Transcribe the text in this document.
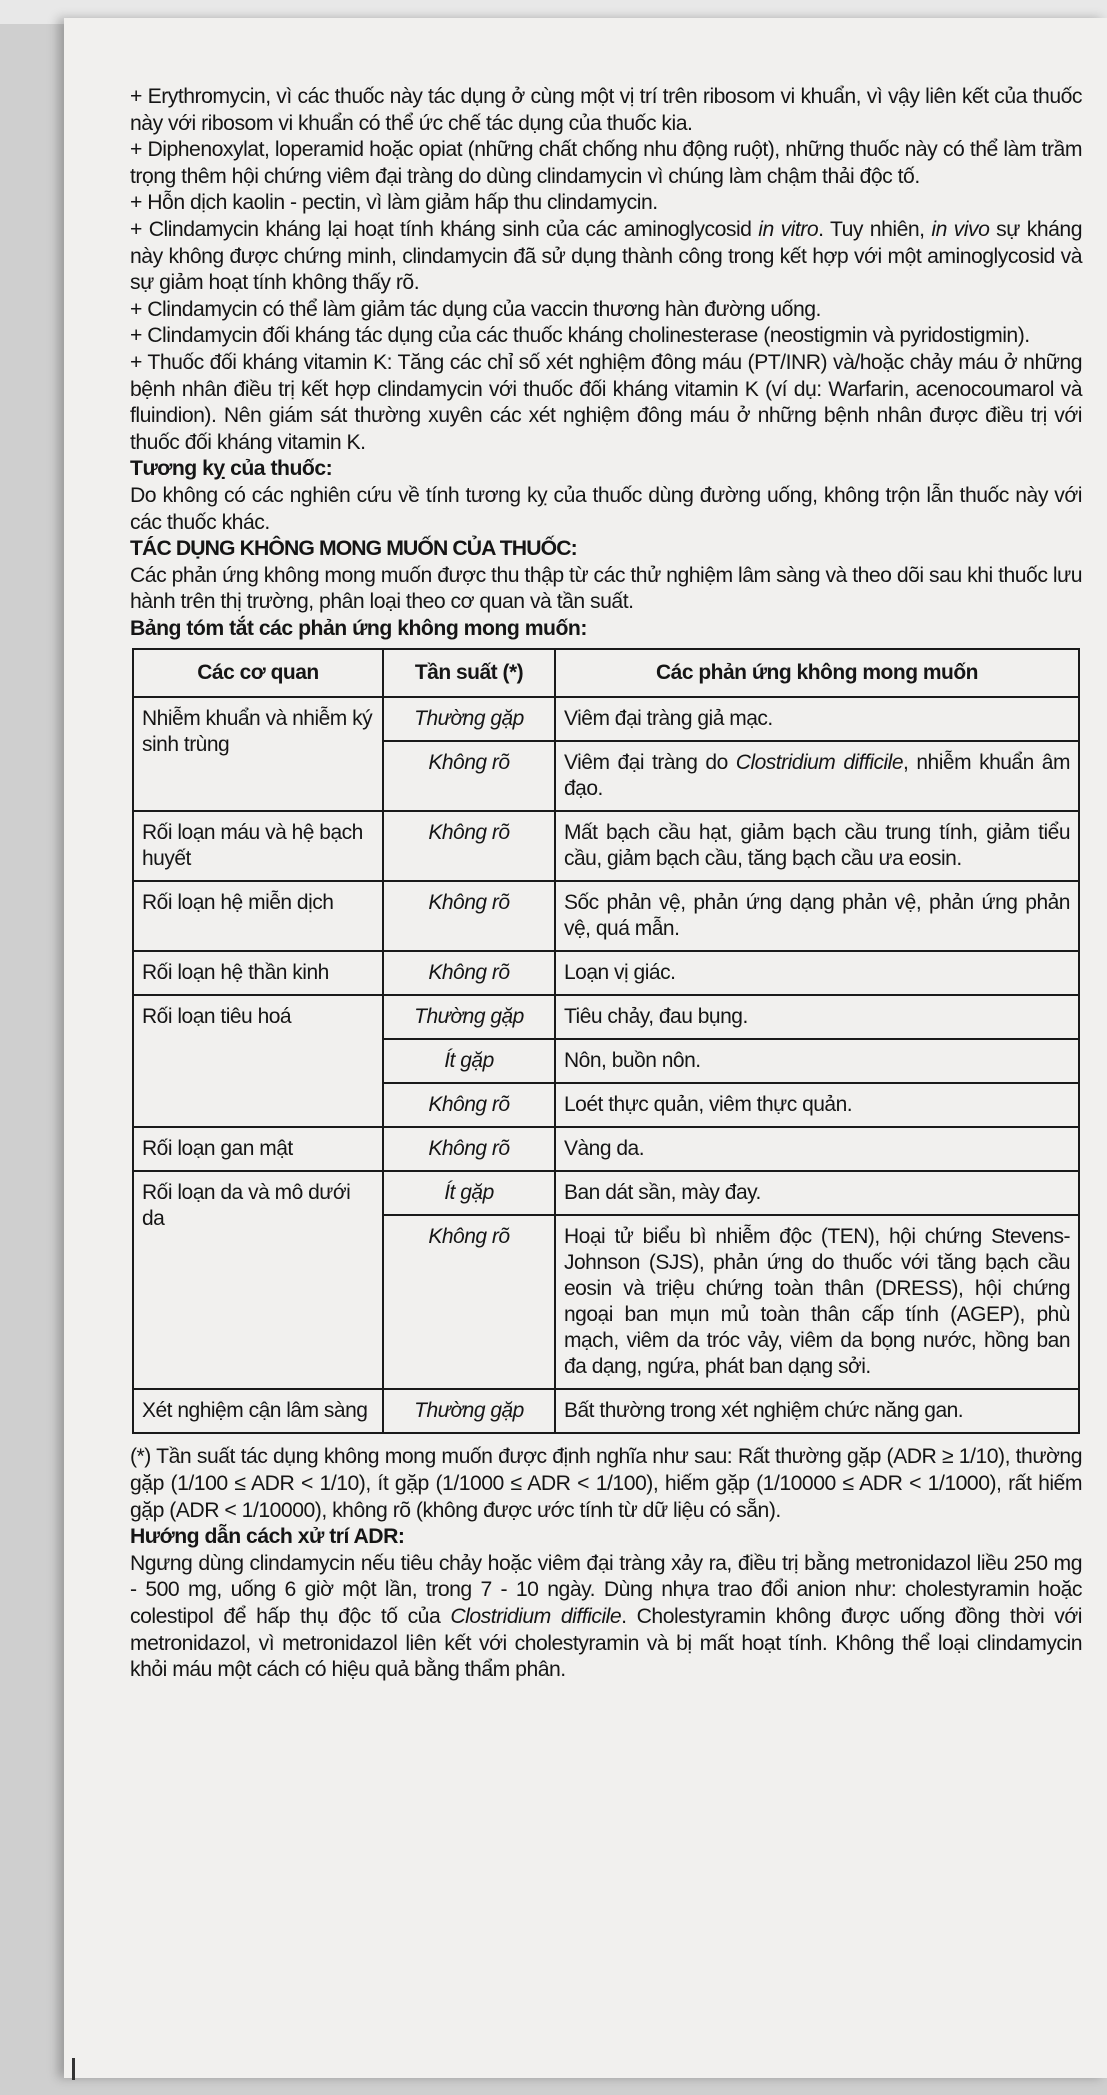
+ Erythromycin, vì các thuốc này tác dụng ở cùng một vị trí trên ribosom vi khuẩn, vì vậy liên kết của thuốc này với ribosom vi khuẩn có thể ức chế tác dụng của thuốc kia.

+ Diphenoxylat, loperamid hoặc opiat (những chất chống nhu động ruột), những thuốc này có thể làm trầm trọng thêm hội chứng viêm đại tràng do dùng clindamycin vì chúng làm chậm thải độc tố.

+ Hỗn dịch kaolin - pectin, vì làm giảm hấp thu clindamycin.

+ Clindamycin kháng lại hoạt tính kháng sinh của các aminoglycosid in vitro. Tuy nhiên, in vivo sự kháng này không được chứng minh, clindamycin đã sử dụng thành công trong kết hợp với một aminoglycosid và sự giảm hoạt tính không thấy rõ.

+ Clindamycin có thể làm giảm tác dụng của vaccin thương hàn đường uống.

+ Clindamycin đối kháng tác dụng của các thuốc kháng cholinesterase (neostigmin và pyridostigmin).

+ Thuốc đối kháng vitamin K: Tăng các chỉ số xét nghiệm đông máu (PT/INR) và/hoặc chảy máu ở những bệnh nhân điều trị kết hợp clindamycin với thuốc đối kháng vitamin K (ví dụ: Warfarin, acenocoumarol và fluindion). Nên giám sát thường xuyên các xét nghiệm đông máu ở những bệnh nhân được điều trị với thuốc đối kháng vitamin K.

Tương kỵ của thuốc:

Do không có các nghiên cứu về tính tương kỵ của thuốc dùng đường uống, không trộn lẫn thuốc này với các thuốc khác.

TÁC DỤNG KHÔNG MONG MUỐN CỦA THUỐC:

Các phản ứng không mong muốn được thu thập từ các thử nghiệm lâm sàng và theo dõi sau khi thuốc lưu hành trên thị trường, phân loại theo cơ quan và tần suất.

Bảng tóm tắt các phản ứng không mong muốn:

Các cơ quan	Tần suất (*)	Các phản ứng không mong muốn
Nhiễm khuẩn và nhiễm ký sinh trùng	Thường gặp	Viêm đại tràng giả mạc.
	Không rõ	Viêm đại tràng do Clostridium difficile, nhiễm khuẩn âm đạo.
Rối loạn máu và hệ bạch huyết	Không rõ	Mất bạch cầu hạt, giảm bạch cầu trung tính, giảm tiểu cầu, giảm bạch cầu, tăng bạch cầu ưa eosin.
Rối loạn hệ miễn dịch	Không rõ	Sốc phản vệ, phản ứng dạng phản vệ, phản ứng phản vệ, quá mẫn.
Rối loạn hệ thần kinh	Không rõ	Loạn vị giác.
Rối loạn tiêu hoá	Thường gặp	Tiêu chảy, đau bụng.
	Ít gặp	Nôn, buồn nôn.
	Không rõ	Loét thực quản, viêm thực quản.
Rối loạn gan mật	Không rõ	Vàng da.
Rối loạn da và mô dưới da	Ít gặp	Ban dát sần, mày đay.
	Không rõ	Hoại tử biểu bì nhiễm độc (TEN), hội chứng Stevens-Johnson (SJS), phản ứng do thuốc với tăng bạch cầu eosin và triệu chứng toàn thân (DRESS), hội chứng ngoại ban mụn mủ toàn thân cấp tính (AGEP), phù mạch, viêm da tróc vảy, viêm da bọng nước, hồng ban đa dạng, ngứa, phát ban dạng sởi.
Xét nghiệm cận lâm sàng	Thường gặp	Bất thường trong xét nghiệm chức năng gan.

(*) Tần suất tác dụng không mong muốn được định nghĩa như sau: Rất thường gặp (ADR ≥ 1/10), thường gặp (1/100 ≤ ADR < 1/10), ít gặp (1/1000 ≤ ADR < 1/100), hiếm gặp (1/10000 ≤ ADR < 1/1000), rất hiếm gặp (ADR < 1/10000), không rõ (không được ước tính từ dữ liệu có sẵn).

Hướng dẫn cách xử trí ADR:

Ngưng dùng clindamycin nếu tiêu chảy hoặc viêm đại tràng xảy ra, điều trị bằng metronidazol liều 250 mg - 500 mg, uống 6 giờ một lần, trong 7 - 10 ngày. Dùng nhựa trao đổi anion như: cholestyramin hoặc colestipol để hấp thụ độc tố của Clostridium difficile. Cholestyramin không được uống đồng thời với metronidazol, vì metronidazol liên kết với cholestyramin và bị mất hoạt tính. Không thể loại clindamycin khỏi máu một cách có hiệu quả bằng thẩm phân.
